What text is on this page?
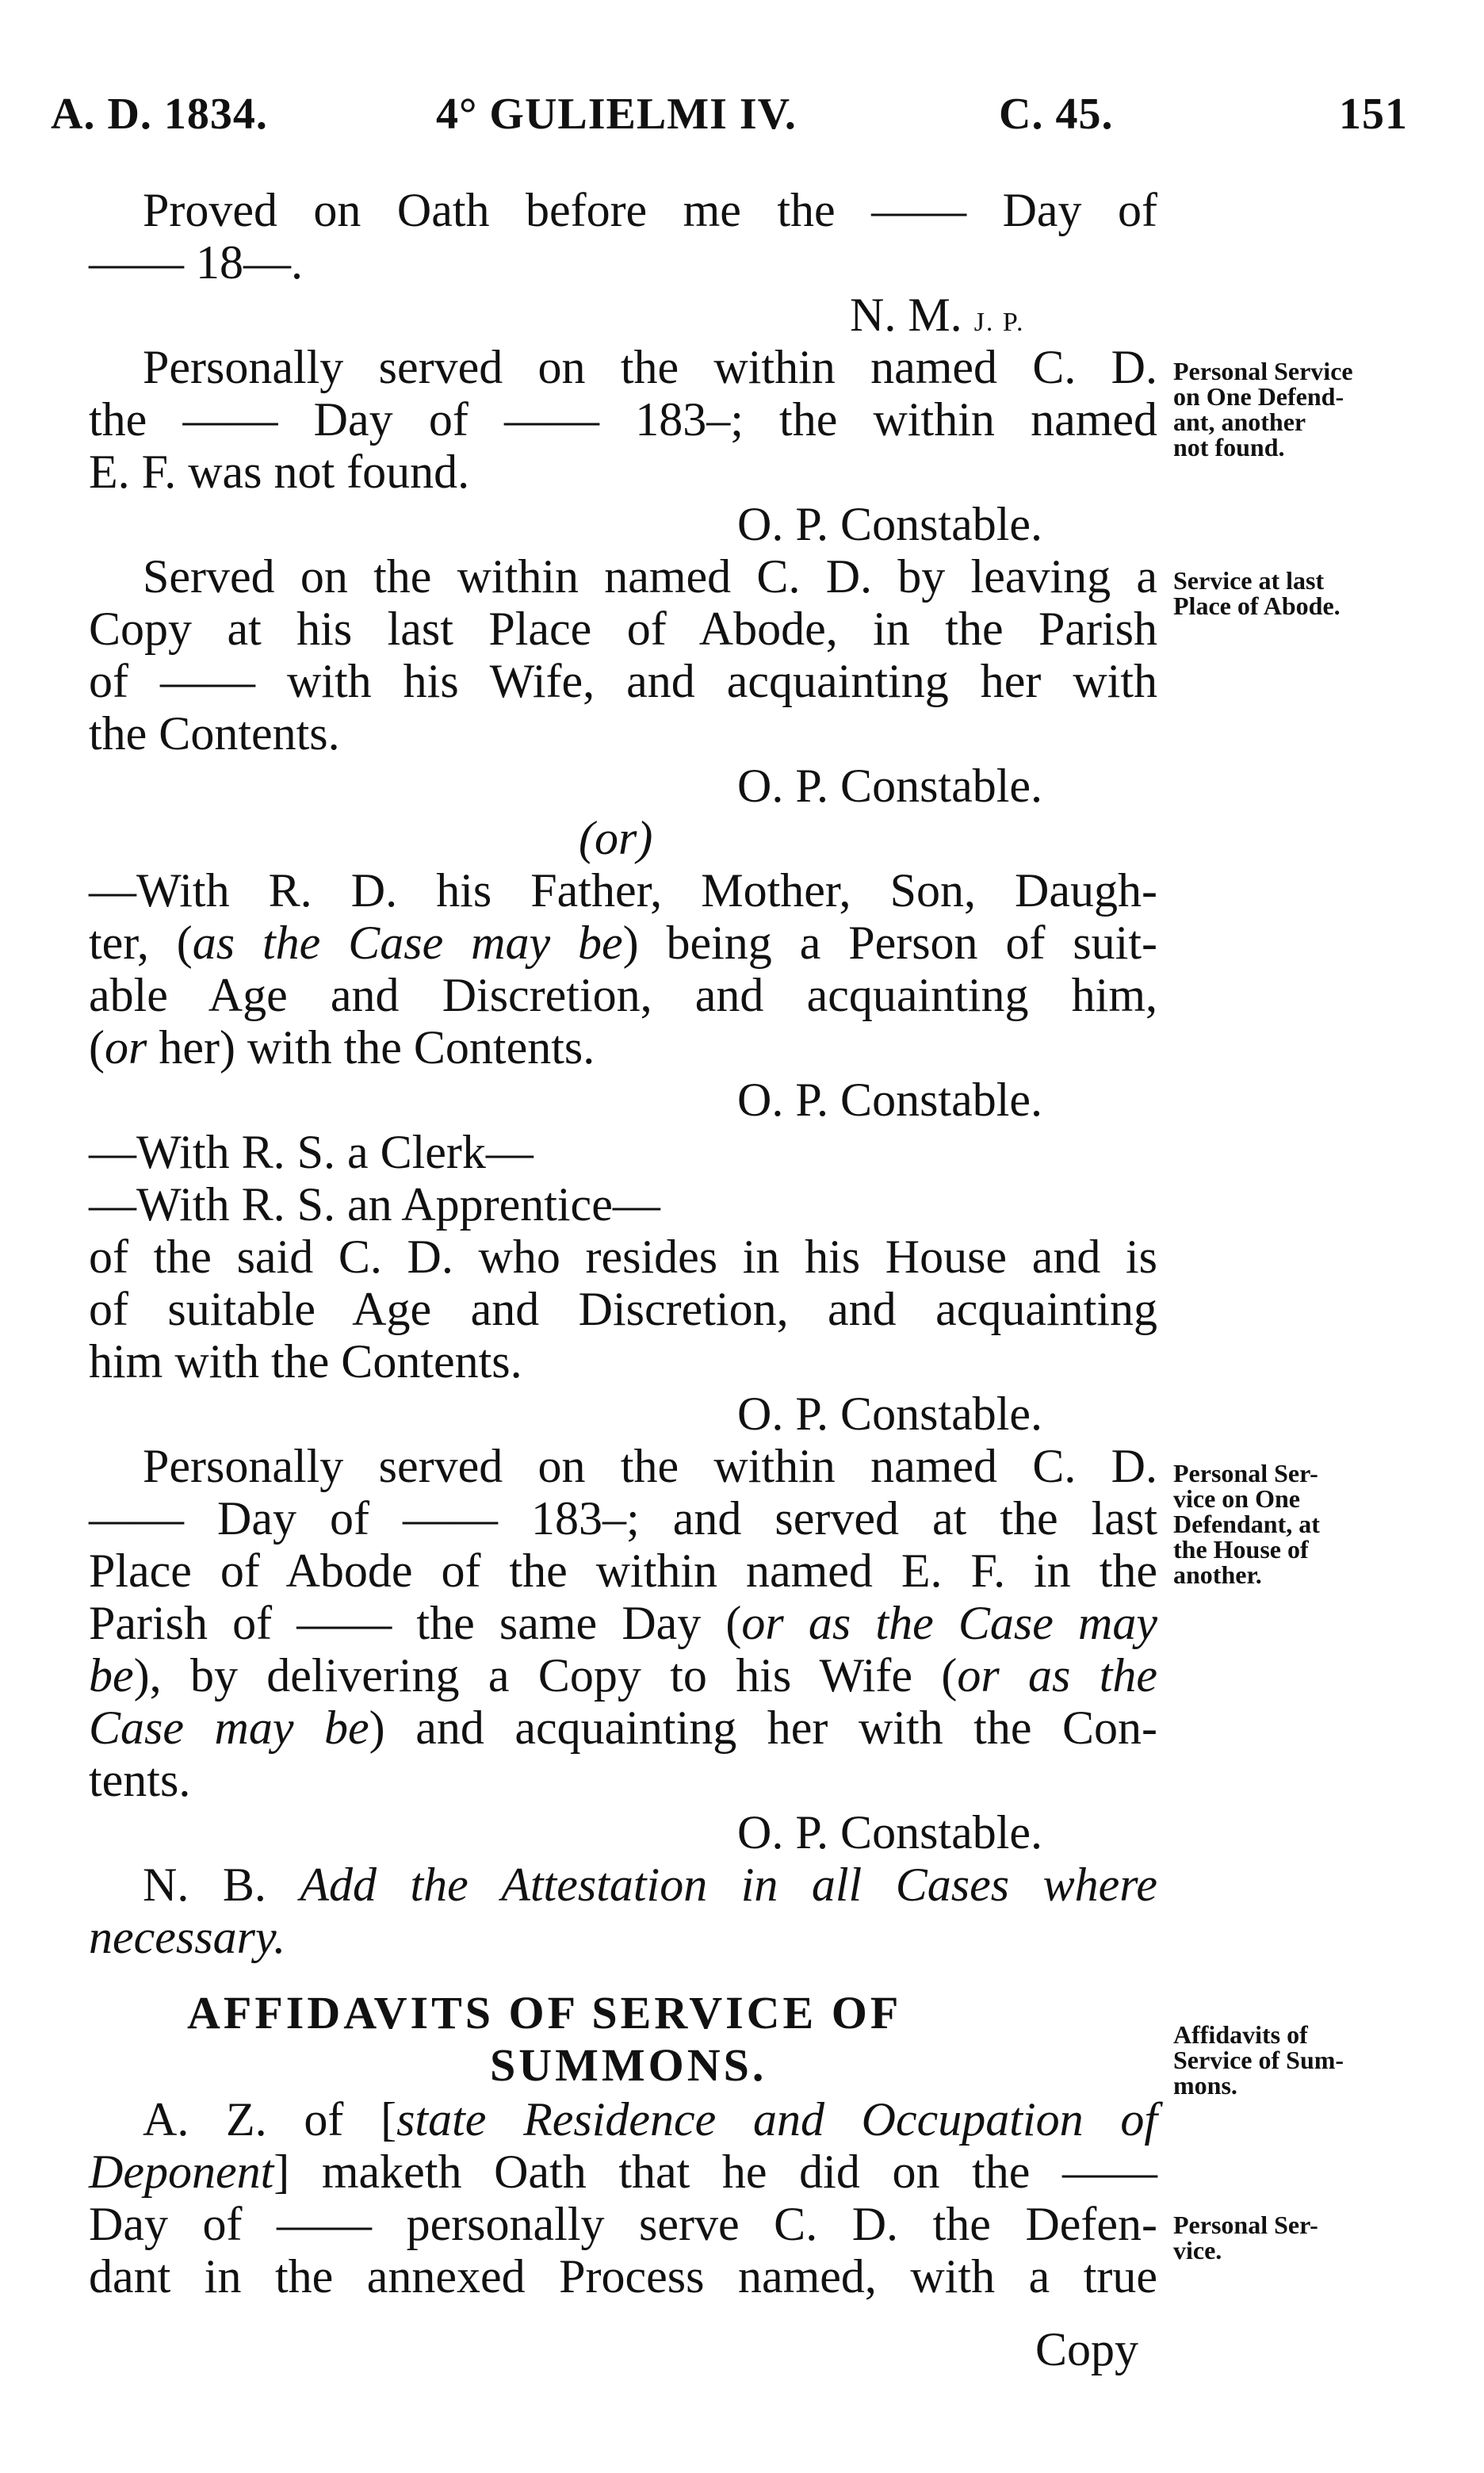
A. D. 1834.	4° GULIELMI IV.	C. 45.	151
Proved on Oath before me the —— Day of
—— 18—.
N. M. J. P.
Personally served on the within named C. D.
the —— Day of —— 183–; the within named
E. F. was not found.
O. P. Constable.
Served on the within named C. D. by leaving a
Copy at his last Place of Abode, in the Parish
of —— with his Wife, and acquainting her with
the Contents.
O. P. Constable.
(or)
—With R. D. his Father, Mother, Son, Daugh-
ter, (as the Case may be) being a Person of suit-
able Age and Discretion, and acquainting him,
(or her) with the Contents.
O. P. Constable.
—With R. S. a Clerk—
—With R. S. an Apprentice—
of the said C. D. who resides in his House and is
of suitable Age and Discretion, and acquainting
him with the Contents.
O. P. Constable.
Personally served on the within named C. D.
—— Day of —— 183–; and served at the last
Place of Abode of the within named E. F. in the
Parish of —— the same Day (or as the Case may
be), by delivering a Copy to his Wife (or as the
Case may be) and acquainting her with the Con-
tents.
O. P. Constable.
N. B. Add the Attestation in all Cases where
necessary.
AFFIDAVITS OF SERVICE OF
SUMMONS.
A. Z. of [state Residence and Occupation of
Deponent] maketh Oath that he did on the ——
Day of —— personally serve C. D. the Defen-
dant in the annexed Process named, with a true
Copy
Personal Service
on One Defend-
ant, another
not found.
Service at last
Place of Abode.
Personal Ser-
vice on One
Defendant, at
the House of
another.
Affidavits of
Service of Sum-
mons.
Personal Ser-
vice.
